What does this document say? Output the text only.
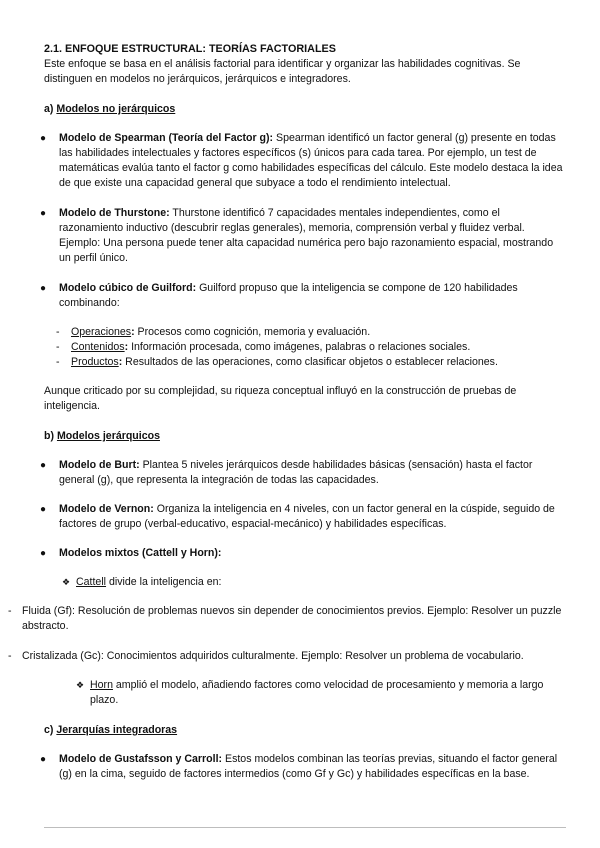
2.1. ENFOQUE ESTRUCTURAL: TEORÍAS FACTORIALES

Este enfoque se basa en el análisis factorial para identificar y organizar las habilidades cognitivas. Se distinguen en modelos no jerárquicos, jerárquicos e integradores.

a) Modelos no jerárquicos

● Modelo de Spearman (Teoría del Factor g): Spearman identificó un factor general (g) presente en todas las habilidades intelectuales y factores específicos (s) únicos para cada tarea. Por ejemplo, un test de matemáticas evalúa tanto el factor g como habilidades específicas del cálculo. Este modelo destaca la idea de que existe una capacidad general que subyace a todo el rendimiento intelectual.
● Modelo de Thurstone: Thurstone identificó 7 capacidades mentales independientes, como el razonamiento inductivo (descubrir reglas generales), memoria, comprensión verbal y fluidez verbal. Ejemplo: Una persona puede tener alta capacidad numérica pero bajo razonamiento espacial, mostrando un perfil único.
● Modelo cúbico de Guilford: Guilford propuso que la inteligencia se compone de 120 habilidades combinando:
- Operaciones: Procesos como cognición, memoria y evaluación.
- Contenidos: Información procesada, como imágenes, palabras o relaciones sociales.
- Productos: Resultados de las operaciones, como clasificar objetos o establecer relaciones.

Aunque criticado por su complejidad, su riqueza conceptual influyó en la construcción de pruebas de inteligencia.

b) Modelos jerárquicos

● Modelo de Burt: Plantea 5 niveles jerárquicos desde habilidades básicas (sensación) hasta el factor general (g), que representa la integración de todas las capacidades.
● Modelo de Vernon: Organiza la inteligencia en 4 niveles, con un factor general en la cúspide, seguido de factores de grupo (verbal-educativo, espacial-mecánico) y habilidades específicas.
● Modelos mixtos (Cattell y Horn):
❖ Cattell divide la inteligencia en:
- Fluida (Gf): Resolución de problemas nuevos sin depender de conocimientos previos. Ejemplo: Resolver un puzzle abstracto.
- Cristalizada (Gc): Conocimientos adquiridos culturalmente. Ejemplo: Resolver un problema de vocabulario.
❖ Horn amplió el modelo, añadiendo factores como velocidad de procesamiento y memoria a largo plazo.

c) Jerarquías integradoras

● Modelo de Gustafsson y Carroll: Estos modelos combinan las teorías previas, situando el factor general (g) en la cima, seguido de factores intermedios (como Gf y Gc) y habilidades específicas en la base.
